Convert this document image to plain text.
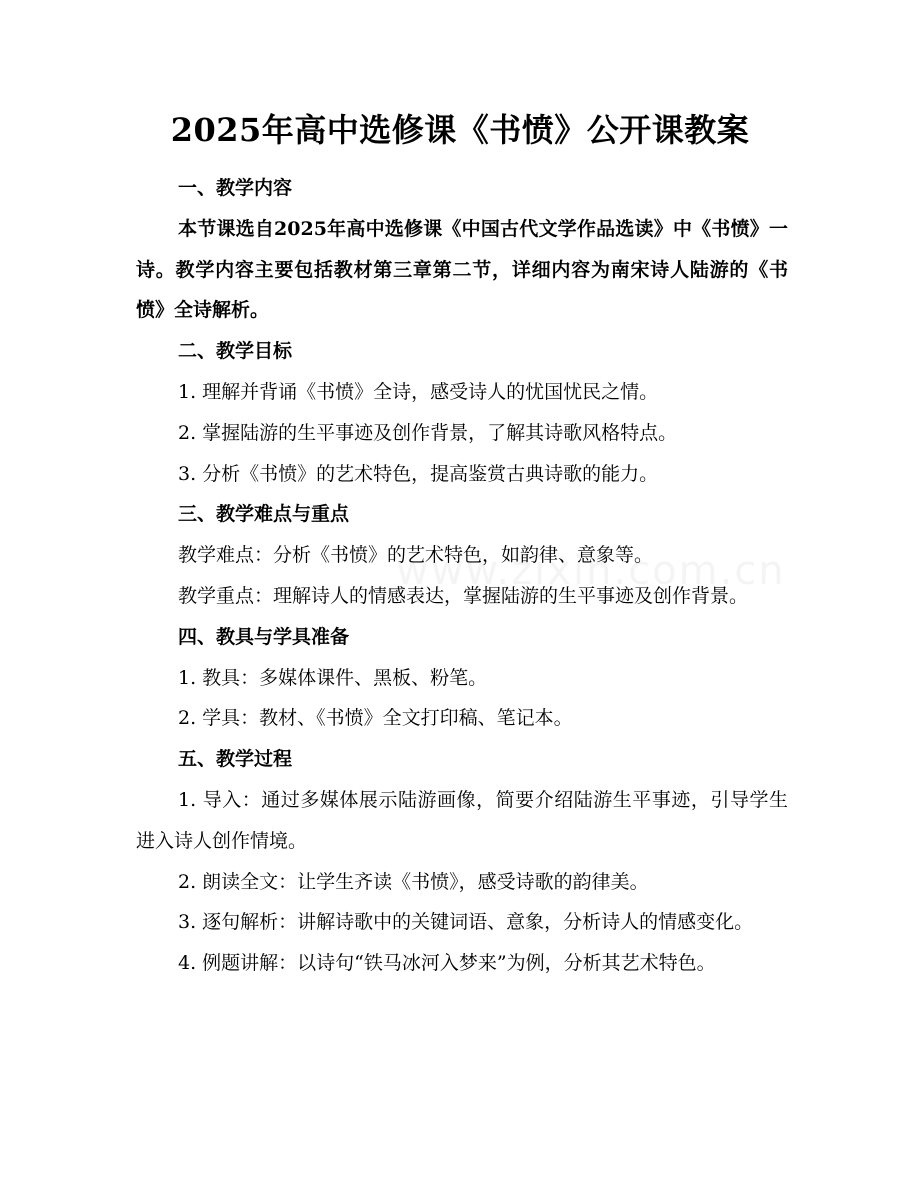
2025年高中选修课《书愤》公开课教案

一、教学内容

本节课选自2025年高中选修课《中国古代文学作品选读》中《书愤》一诗。教学内容主要包括教材第三章第二节，详细内容为南宋诗人陆游的《书愤》全诗解析。

二、教学目标

1. 理解并背诵《书愤》全诗，感受诗人的忧国忧民之情。

2. 掌握陆游的生平事迹及创作背景，了解其诗歌风格特点。

3. 分析《书愤》的艺术特色，提高鉴赏古典诗歌的能力。

三、教学难点与重点

教学难点：分析《书愤》的艺术特色，如韵律、意象等。

教学重点：理解诗人的情感表达，掌握陆游的生平事迹及创作背景。

四、教具与学具准备

1. 教具：多媒体课件、黑板、粉笔。

2. 学具：教材、《书愤》全文打印稿、笔记本。

五、教学过程

1. 导入：通过多媒体展示陆游画像，简要介绍陆游生平事迹，引导学生进入诗人创作情境。

2. 朗读全文：让学生齐读《书愤》，感受诗歌的韵律美。

3. 逐句解析：讲解诗歌中的关键词语、意象，分析诗人的情感变化。

4. 例题讲解：以诗句“铁马冰河入梦来”为例，分析其艺术特色。
